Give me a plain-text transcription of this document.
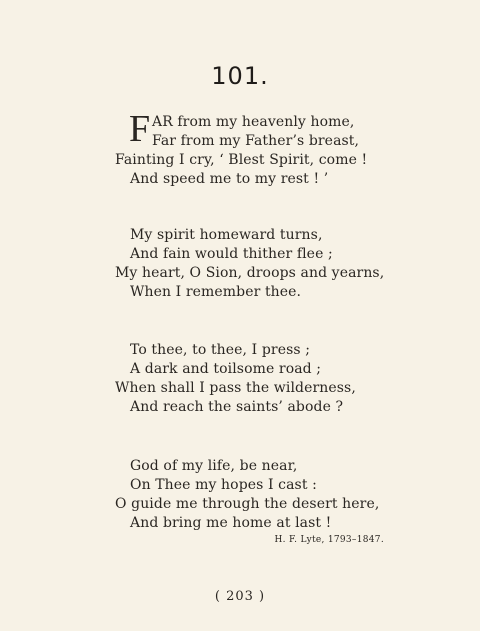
101.
F AR from my heavenly home,
Far from my Father’s breast,
Fainting I cry, ‘ Blest Spirit, come !
And speed me to my rest ! ’
My spirit homeward turns,
And fain would thither flee ;
My heart, O Sion, droops and yearns,
When I remember thee.
To thee, to thee, I press ;
A dark and toilsome road ;
When shall I pass the wilderness,
And reach the saints’ abode ?
God of my life, be near,
On Thee my hopes I cast :
O guide me through the desert here,
And bring me home at last !
H. F. Lyte, 1793–1847.
( 203 )
